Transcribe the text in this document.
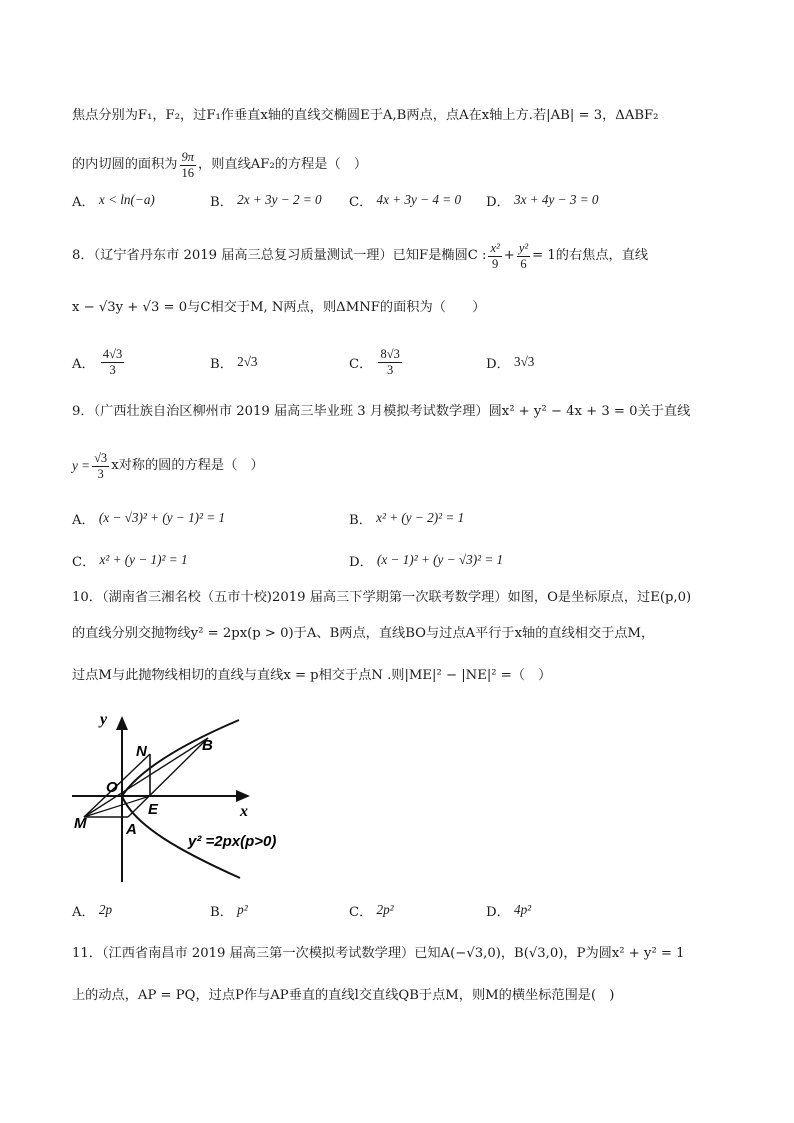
焦点分别为F₁，F₂，过F₁作垂直x轴的直线交椭圆E于A,B两点，点A在x轴上方.若|AB| = 3，ΔABF₂
的内切圆的面积为 $\frac{9\pi}{16}$ ，则直线AF₂的方程是（　）
A．
x < ln(−a)	B．
2x + 3y − 2 = 0 C．
4x + 3y − 4 = 0 D．
3x + 4y − 3 = 0
8．（辽宁省丹东市 2019 届高三总复习质量测试一理）已知F是椭圆C : $\frac{\text{x²}}{9} + \frac{\text{y²}}{6} = 1$的右焦点，直线
x − √3y + √3 = 0与C相交于M, N两点，则ΔMNF的面积为（　　）
A．
$\frac{4√3}{3}$	B．
2√3	C．
$\frac{8√3}{3}$	D．
3√3
9．（广西壮族自治区柳州市 2019 届高三毕业班 3 月模拟考试数学理）圆x² + y² − 4x + 3 = 0关于直线
$y = \frac{√3}{3}$ x对称的圆的方程是（　）
A．
(x − √3)² + (y − 1)² = 1	B．
x² + (y − 2)² = 1
C．
x² + (y − 1)² = 1	D．
(x − 1)² + (y − √3)² = 1
10．（湖南省三湘名校（五市十校)2019 届高三下学期第一次联考数学理）如图，O是坐标原点，过E(p,0)
的直线分别交抛物线y² = 2px(p > 0)于A、B两点，直线BO与过点A平行于x轴的直线相交于点M，
过点M与此抛物线相切的直线与直线x = p相交于点N .则|ME|² − |NE|² =（　）
y
x
O
N	B
E
M	A
y² =2px(p>0)
A．
2p	B．
p²	C．
2p²	D．
4p²
11．（江西省南昌市 2019 届高三第一次模拟考试数学理）已知A(−√3,0)，B(√3,0)，P为圆x² + y² = 1
上的动点，AP = PQ，过点P作与AP垂直的直线l交直线QB于点M，则M的横坐标范围是(　)
